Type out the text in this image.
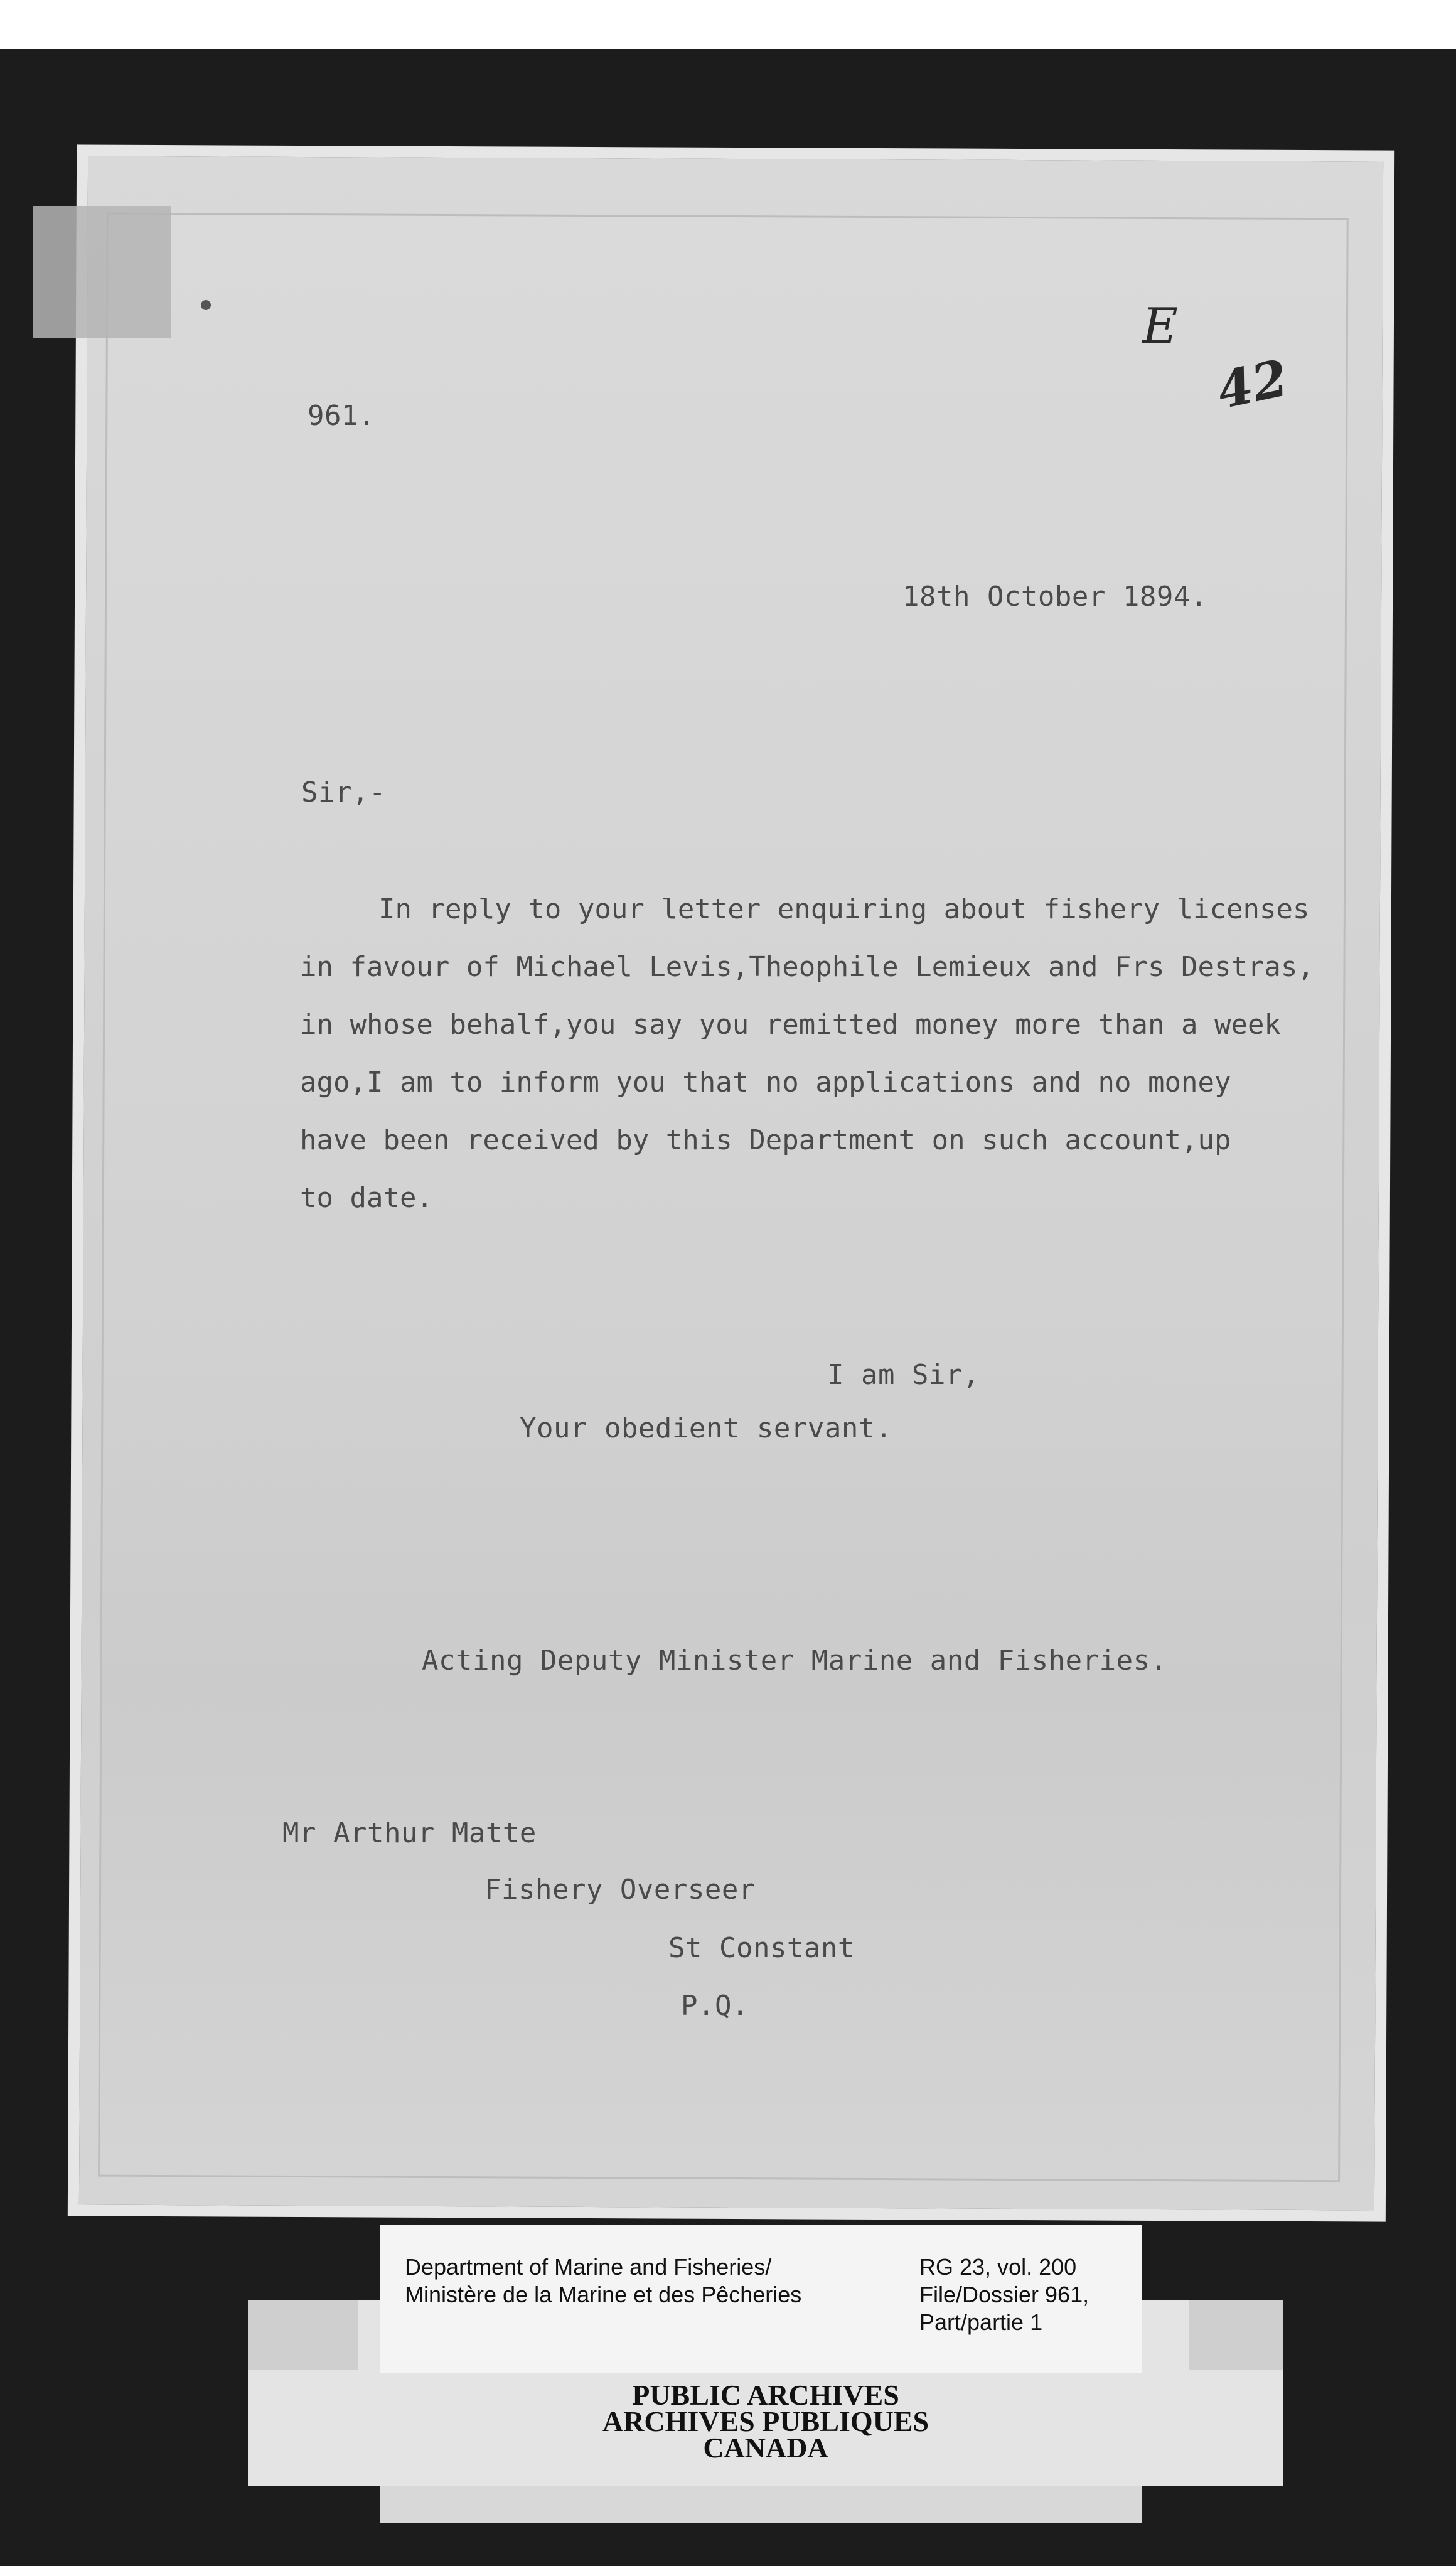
E
42
961.
18th October 1894.
Sir,-
In reply to your letter enquiring about fishery licenses
in favour of Michael Levis,Theophile Lemieux and Frs Destras,
in whose behalf,you say you remitted money more than a week
ago,I am to inform you that no applications and no money
have been received by this Department on such account,up
to date.
I am Sir,
Your obedient servant.
Acting Deputy Minister Marine and Fisheries.
Mr Arthur Matte
Fishery Overseer
St Constant
P.Q.
PUBLIC ARCHIVES
ARCHIVES PUBLIQUES
CANADA
Department of Marine and Fisheries/
Ministère de la Marine et des Pêcheries
RG 23, vol. 200
File/Dossier 961,
Part/partie 1
